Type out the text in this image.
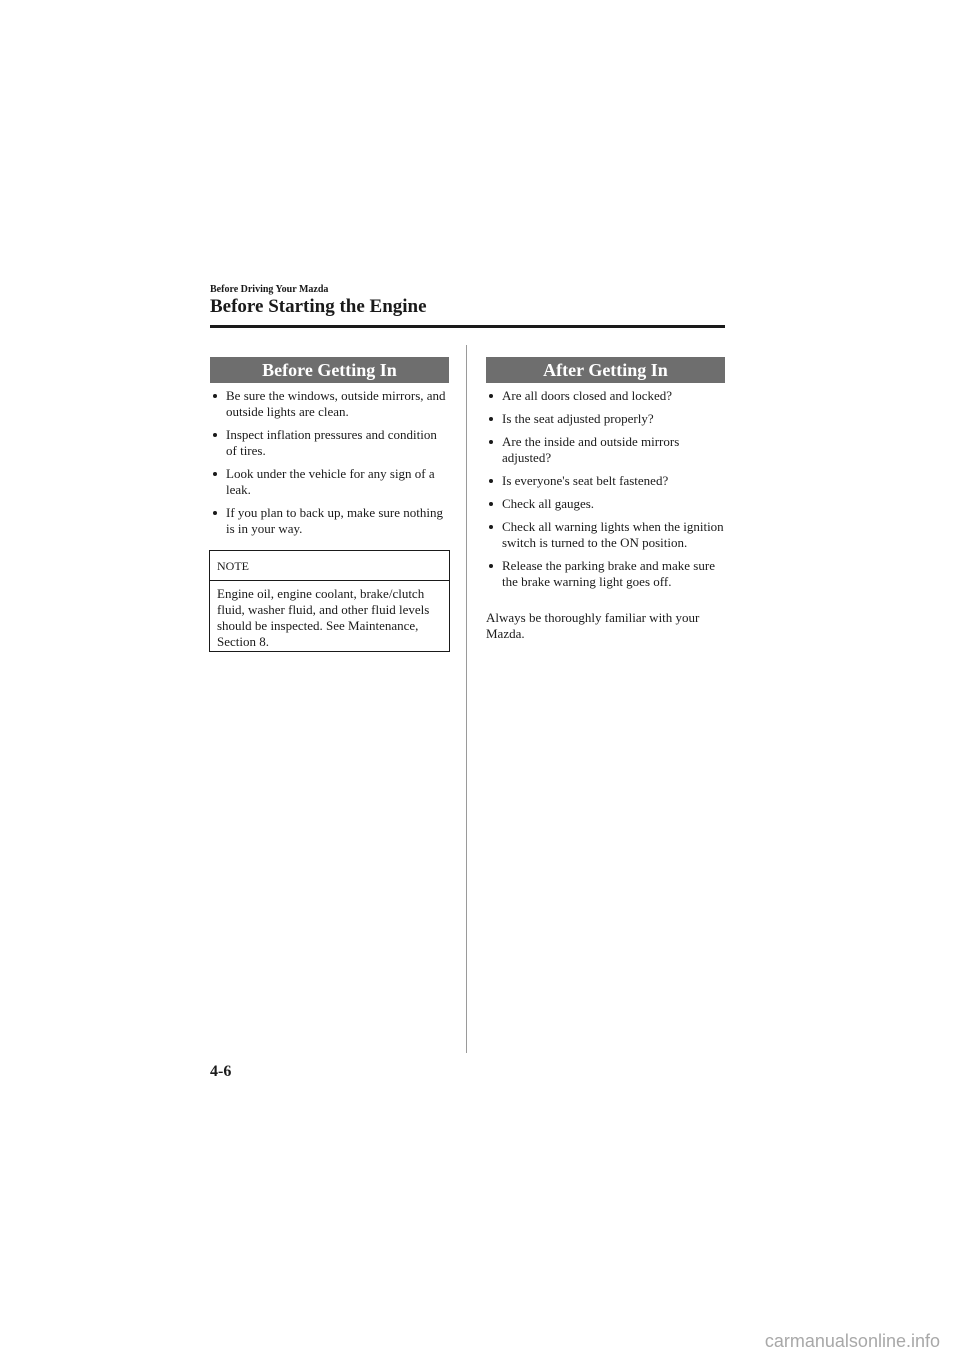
Before Driving Your Mazda
Before Starting the Engine
Before Getting In
Be sure the windows, outside mirrors, and outside lights are clean.
Inspect inflation pressures and condition of tires.
Look under the vehicle for any sign of a leak.
If you plan to back up, make sure nothing is in your way.
NOTE
Engine oil, engine coolant, brake/clutch fluid, washer fluid, and other fluid levels should be inspected. See Maintenance, Section 8.
After Getting In
Are all doors closed and locked?
Is the seat adjusted properly?
Are the inside and outside mirrors adjusted?
Is everyone's seat belt fastened?
Check all gauges.
Check all warning lights when the ignition switch is turned to the ON position.
Release the parking brake and make sure the brake warning light goes off.
Always be thoroughly familiar with your Mazda.
4-6
carmanualsonline.info
